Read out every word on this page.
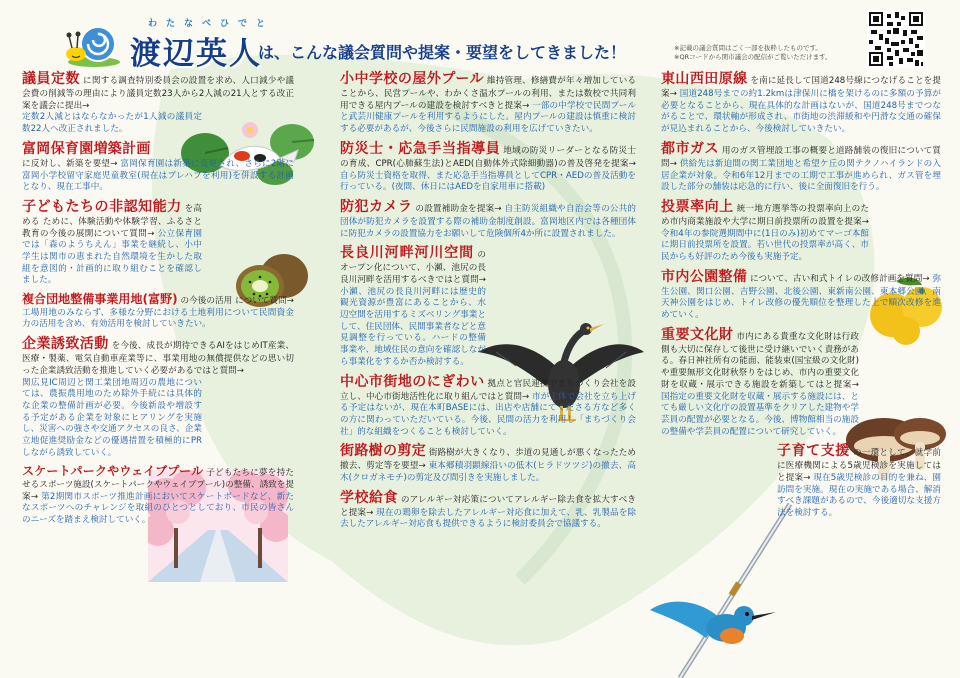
わたなべひでと
渡辺英人
は、こんな議会質問や提案・要望をしてきました！	※記載の議会質問はごく一部を抜粋したものです。
※QRコードから関市議会の配信がご覧いただけます。
議員定数 に関する調査特別委員会の設置を求め、人口減少や議会費の削減等の理由により議員定数23人から2人減の21人とする改正案を議会に提出→
定数2人減とはならなかったが1人減の議員定数22人へ改正されました。
富岡保育園増築計画
に反対し、新築を要望→ 富岡保育園は新築に変更され、さらに2階に富岡小学校留守家庭児童教室(現在はプレハブを利用)を併設する計画となり、現在工事中。
子どもたちの非認知能力 を高める ために、体験活動や体験学習、ふるさと教育の今後の展開について質問→ 公立保育園では「森のようちえん」事業を継続し、小中学生は関市の恵まれた自然環境を生かした取組を意図的・計画的に取り組むことを確認しました。
複合団地整備事業用地(富野) の今後の活用 について質問→ 工場用地のみならず、多様な分野における土地利用について民間資金力の活用を含め、有効活用を検討していきたい。
企業誘致活動 を今後、成長が期待できるAIをはじめIT産業、医療・製薬、電気自動車産業等に、事業用地の無償提供などの思い切った企業誘致活動を推進していく必要があるではと質問→
関広見IC周辺と関工業団地周辺の農地については、農振農用地のため除外手続には具体的な企業の整備計画が必要。今後新設や増設する予定がある企業を対象にヒアリングを実施し、災害への強さや交通アクセスの良さ、企業立地促進奨励金などの優遇措置を積極的にPRしながら誘致していく。
スケートパークやウェイブプール 子どもたちに夢を持たせるスポーツ施設(スケートパークやウェイブプール)の整備、誘致を提案→ 第2期関市スポーツ推進計画においてスケートボードなど、新たなスポーツへのチャレンジを取組のひとつとしており、市民の皆さんのニーズを踏まえ検討していく。
小中学校の屋外プール 維持管理、修繕費が年々増加していることから、民営プールや、わかくさ温水プールの利用、または数校で共同利用できる屋内プールの建設を検討すべきと提案→ 一部の中学校で民間プールと武芸川健康プールを利用するようにした。屋内プールの建設は慎重に検討する必要があるが、今後さらに民間施設の利用を広げていきたい。
防災士・応急手当指導員 地域の防災リーダーとなる防災士の育成、CPR(心肺蘇生法)とAED(自動体外式除細動器)の普及啓発を提案→ 自ら防災士資格を取得、また応急手当指導員としてCPR・AEDの普及活動を行っている。(夜間、休日にはAEDを自家用車に搭載)
防犯カメラ の設置補助金を提案→ 自主防災組織や自治会等の公共的団体が防犯カメラを設置する際の補助金制度創設。富岡地区内では各種団体に防犯カメラの設置協力をお願いして危険個所4か所に設置されました。
長良川河畔河川空間 のオープン化について、小瀬、池尻の長良川河畔を活用するべきではと質問→ 小瀬、池尻の長良川河畔には歴史的観光資源が豊富にあることから、水辺空間を活用するミズベリング事業として、住民団体、民間事業者などと意見調整を行っている。ハードの整備事業や、地域住民の意向を確認しながら事業化をするか否か検討する。
中心市街地のにぎわい 拠点と官民連携でまちづくり会社を設立し、中心市街地活性化に取り組んではと質問→ 市が主体で会社を立ち上げる予定はないが、現在本町BASEには、出店や店舗にてくださる方など多くの方に関わっていただいている。今後、民間の活力を利用し「まちづくり会社」的な組織をつくることも検討していく。
街路樹の剪定 街路樹が大きくなり、歩道の見通しが悪くなったため撤去、剪定等を要望→ 東本郷積羽顕線沿いの低木(ヒラドツツジ)の撤去、高木(クロガネモチ)の剪定及び間引きを実施しました。
学校給食 のアレルギー対応策についてアレルギー除去食を拡大すべきと提案→ 現在の鶏卵を除去したアレルギー対応食に加えて、乳、乳製品を除去したアレルギー対応食も提供できるように検討委員会で協議する。
東山西田原線 を南に延長して国道248号線につなげることを提案→ 国道248号までの約1.2kmは津保川に橋を架けるのに多額の予算が必要となることから、現在具体的な計画はないが、国道248号までつながることで、環状軸が形成され、市街地の渋滞緩和や円滑な交通の確保が見込まれることから、今後検討していきたい。
都市ガス 用のガス管埋設工事の概要と道路舗装の復旧について質問→ 供給先は新迫間の関工業団地と希望ケ丘の関テクノハイランドの入居企業が対象。令和6年12月までの工期で工事が進められ、ガス管を埋設した部分の舗装は応急的に行い、後に全面復旧を行う。
投票率向上 統一地方選挙等の投票率向上のため市内商業施設や大学に期日前投票所の設置を提案→ 令和4年の参院選期間中に(1日のみ)初めてマーゴ本館に期日前投票所を設置。若い世代の投票率が高く、市民からも好評のため今後も実施予定。
市内公園整備 について、古い和式トイレの改修計画を質問→ 弥生公園、関口公園、吉野公園、北後公園、東新南公園、東本郷公園、南天神公園をはじめ、トイレ改修の優先順位を整理した上で順次改修を進めていく。
重要文化財 市内にある貴重な文化財は行政側も大切に保存して後世に受け継いでいく責務がある。春日神社所有の能面、能装束(国宝級の文化財)や重要無形文化財秋祭りをはじめ、市内の重要文化財を収蔵・展示できる施設を新築してはと提案→ 国指定の重要文化財を収蔵・展示する施設には、とても厳しい文化庁の設置基準をクリアした建物や学芸員の配置が必要となる。今後、博物館相当の施設の整備や学芸員の配置について研究していく。
子育て支援 の一環として、就学前に医療機関による5歳児検診を実施してはと提案→ 現在5歳児検診の目的を兼ね、園訪問を実施。現在の実施である場合、解消すべき課題があるので、今後適切な支援方法を検討する。
